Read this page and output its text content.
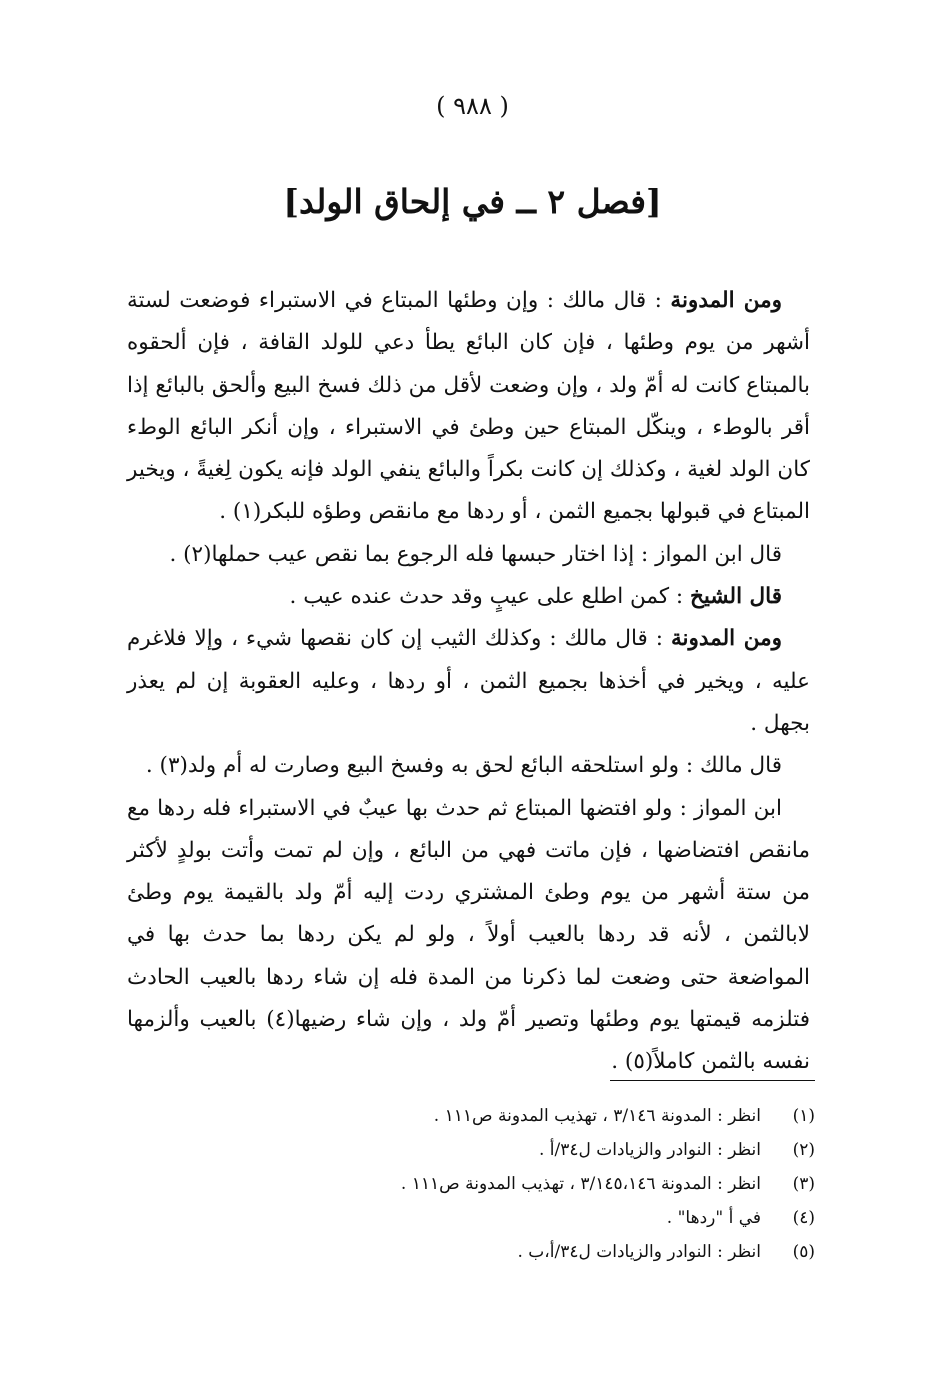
( ٩٨٨ )
[فصل ٢ ــ في إلحاق الولد]

ومن المدونة : قال مالك : وإن وطئها المبتاع في الاستبراء فوضعت لستة أشهر من يوم وطئها ، فإن كان البائع يطأ دعي للولد القافة ، فإن ألحقوه بالمبتاع كانت له أمّ ولد ، وإن وضعت لأقل من ذلك فسخ البيع وألحق بالبائع إذا أقر بالوطء ، وينكّل المبتاع حين وطئ في الاستبراء ، وإن أنكر البائع الوطء كان الولد لغية ، وكذلك إن كانت بكراً والبائع ينفي الولد فإنه يكون لِغيةً ، ويخير المبتاع في قبولها بجميع الثمن ، أو ردها مع مانقص وطؤه للبكر(١) .

قال ابن المواز : إذا اختار حبسها فله الرجوع بما نقص عيب حملها(٢) .

قال الشيخ : كمن اطلع على عيبٍ وقد حدث عنده عيب .

ومن المدونة : قال مالك : وكذلك الثيب إن كان نقصها شيء ، وإلا فلاغرم عليه ، ويخير في أخذها بجميع الثمن ، أو ردها ، وعليه العقوبة إن لم يعذر بجهل .

قال مالك : ولو استلحقه البائع لحق به وفسخ البيع وصارت له أم ولد(٣) .

ابن المواز : ولو افتضها المبتاع ثم حدث بها عيبٌ في الاستبراء فله ردها مع مانقص افتضاضها ، فإن ماتت فهي من البائع ، وإن لم تمت وأتت بولدٍ لأكثر من ستة أشهر من يوم وطئ المشتري ردت إليه أمّ ولد بالقيمة يوم وطئ لابالثمن ، لأنه قد ردها بالعيب أولاً ، ولو لم يكن ردها بما حدث بها في المواضعة حتى وضعت لما ذكرنا من المدة فله إن شاء ردها بالعيب الحادث فتلزمه قيمتها يوم وطئها وتصير أمّ ولد ، وإن شاء رضيها(٤) بالعيب وألزمها نفسه بالثمن كاملاً(٥) .

(١)
انظر : المدونة ٣/١٤٦ ، تهذيب المدونة ص١١١ .
(٢)
انظر : النوادر والزيادات ل٣٤/أ .
(٣)
انظر : المدونة ٣/١٤٥،١٤٦ ، تهذيب المدونة ص١١١ .
(٤)
في أ "ردها" .
(٥)
انظر : النوادر والزيادات ل٣٤/أ،ب .
